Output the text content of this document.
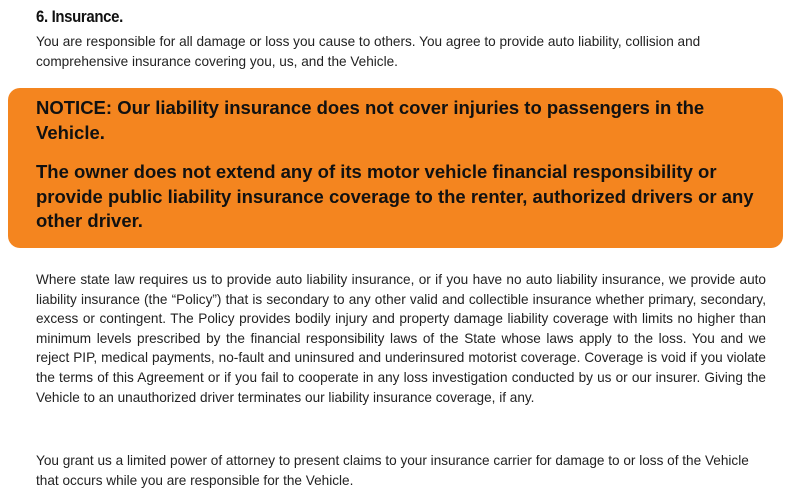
6. Insurance.

You are responsible for all damage or loss you cause to others. You agree to provide auto liability, collision and comprehensive insurance covering you, us, and the Vehicle.

NOTICE: Our liability insurance does not cover injuries to passengers in the Vehicle.

The owner does not extend any of its motor vehicle financial responsibility or provide public liability insurance coverage to the renter, authorized drivers or any other driver.

Where state law requires us to provide auto liability insurance, or if you have no auto liability insurance, we provide auto liability insurance (the “Policy”) that is secondary to any other valid and collectible insurance whether primary, secondary, excess or contingent. The Policy provides bodily injury and property damage liability coverage with limits no higher than minimum levels prescribed by the financial responsibility laws of the State whose laws apply to the loss. You and we reject PIP, medical payments, no-fault and uninsured and underinsured motorist coverage. Coverage is void if you violate the terms of this Agreement or if you fail to cooperate in any loss investigation conducted by us or our insurer. Giving the Vehicle to an unauthorized driver terminates our liability insurance coverage, if any.

You grant us a limited power of attorney to present claims to your insurance carrier for damage to or loss of the Vehicle that occurs while you are responsible for the Vehicle.
